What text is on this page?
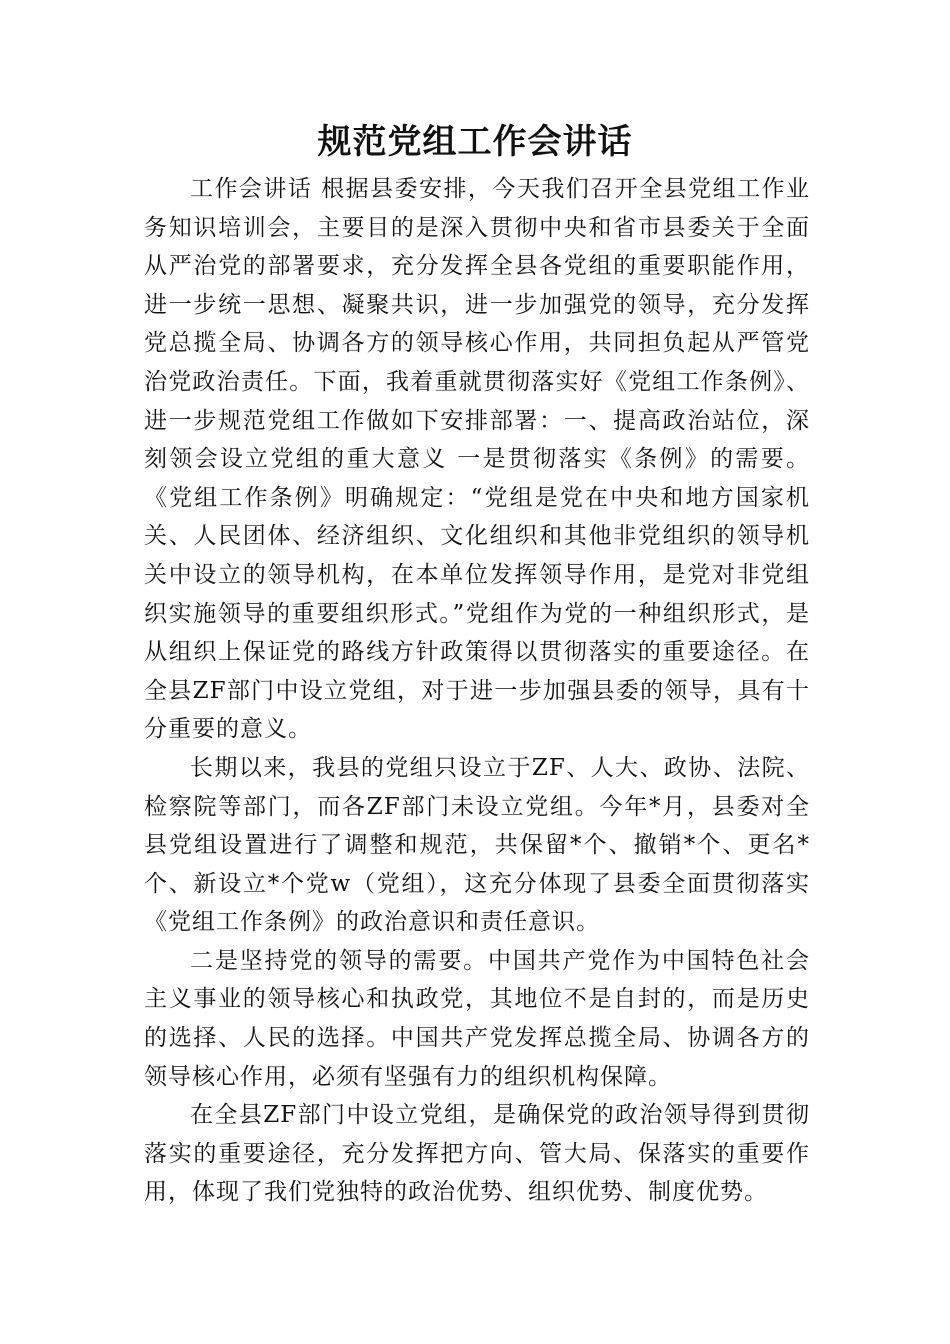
规范党组工作会讲话

工作会讲话 根据县委安排，今天我们召开全县党组工作业务知识培训会，主要目的是深入贯彻中央和省市县委关于全面从严治党的部署要求，充分发挥全县各党组的重要职能作用，进一步统一思想、凝聚共识，进一步加强党的领导，充分发挥党总揽全局、协调各方的领导核心作用，共同担负起从严管党治党政治责任。下面，我着重就贯彻落实好《党组工作条例》、进一步规范党组工作做如下安排部署：一、提高政治站位，深刻领会设立党组的重大意义 一是贯彻落实《条例》的需要。《党组工作条例》明确规定：“党组是党在中央和地方国家机关、人民团体、经济组织、文化组织和其他非党组织的领导机关中设立的领导机构，在本单位发挥领导作用，是党对非党组织实施领导的重要组织形式。”党组作为党的一种组织形式，是从组织上保证党的路线方针政策得以贯彻落实的重要途径。在全县ZF部门中设立党组，对于进一步加强县委的领导，具有十分重要的意义。

长期以来，我县的党组只设立于ZF、人大、政协、法院、检察院等部门，而各ZF部门未设立党组。今年*月，县委对全县党组设置进行了调整和规范，共保留*个、撤销*个、更名*个、新设立*个党w（党组），这充分体现了县委全面贯彻落实《党组工作条例》的政治意识和责任意识。

二是坚持党的领导的需要。中国共产党作为中国特色社会主义事业的领导核心和执政党，其地位不是自封的，而是历史的选择、人民的选择。中国共产党发挥总揽全局、协调各方的领导核心作用，必须有坚强有力的组织机构保障。

在全县ZF部门中设立党组，是确保党的政治领导得到贯彻落实的重要途径，充分发挥把方向、管大局、保落实的重要作用，体现了我们党独特的政治优势、组织优势、制度优势。
